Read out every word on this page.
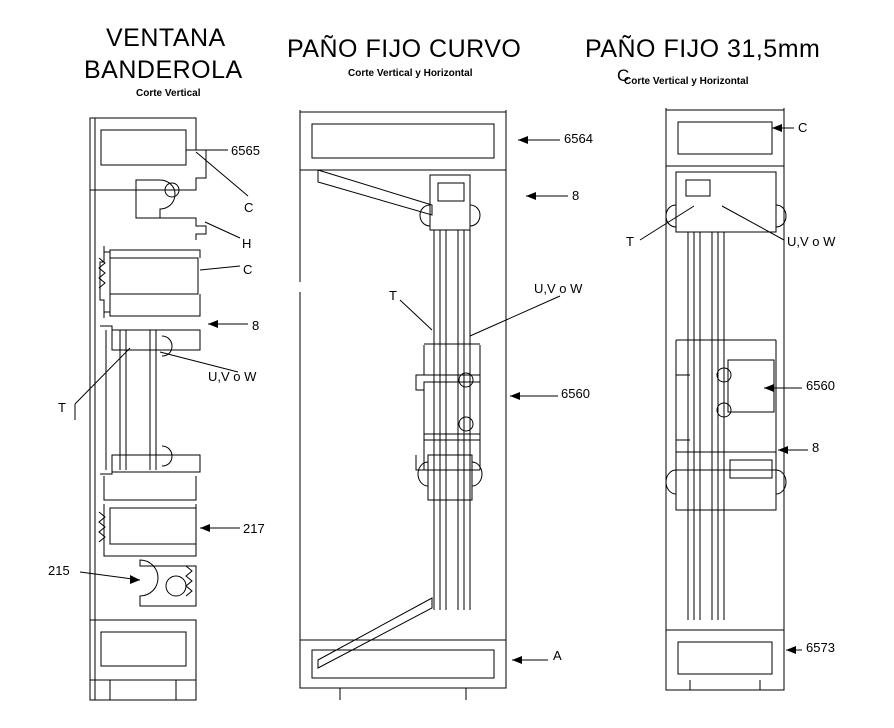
VENTANA
BANDEROLA
Corte Vertical
PAÑO FIJO CURVO
Corte Vertical y Horizontal
PAÑO FIJO 31,5mm
Corte Vertical y Horizontal
C
6565
C
H
C
8
U,V o W
T
217
215
6564
8
T	U,V o W
6560
A
C
T	U,V o W
6560
8
6573
